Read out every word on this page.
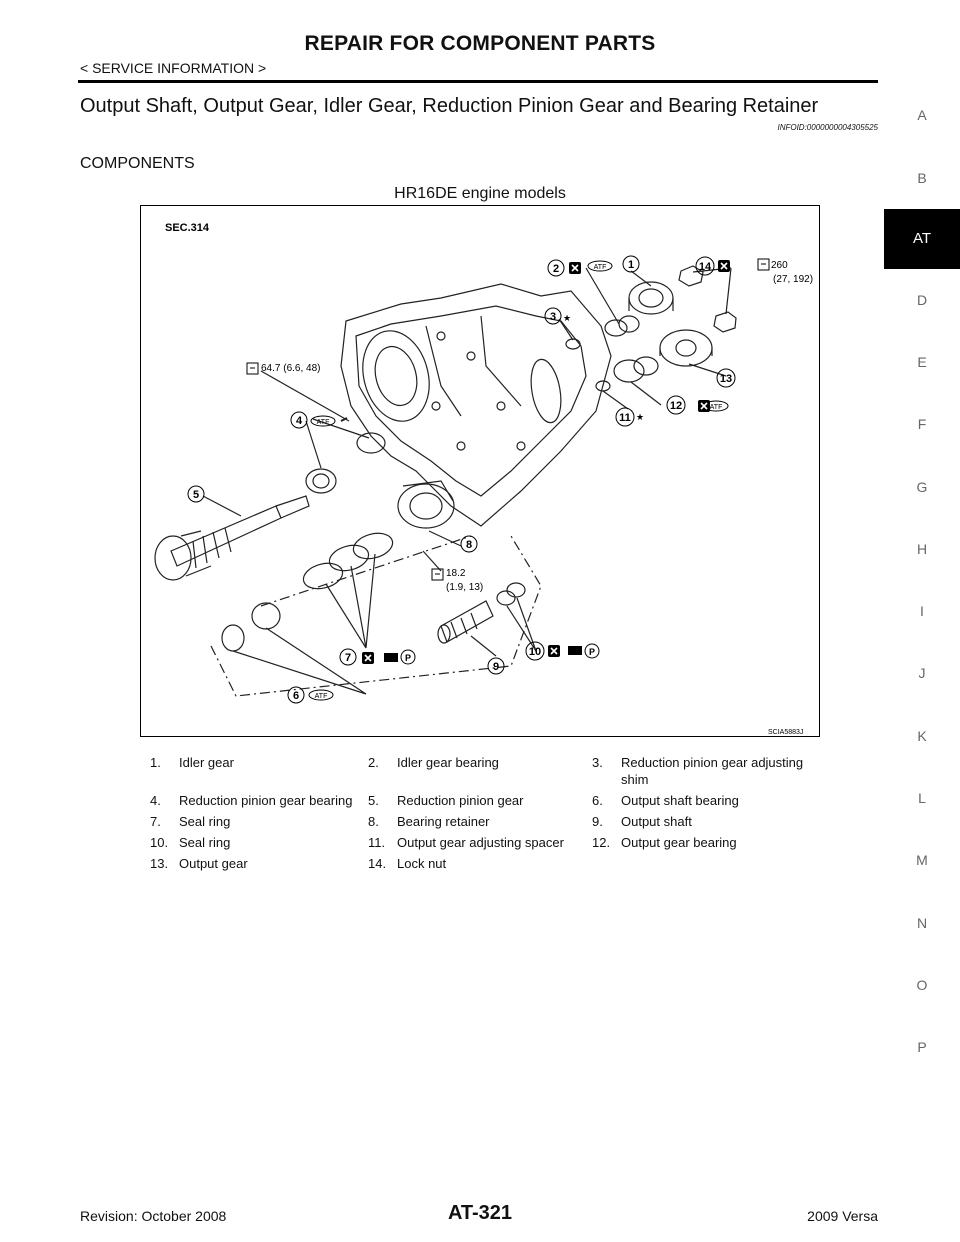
REPAIR FOR COMPONENT PARTS
< SERVICE INFORMATION >
Output Shaft, Output Gear, Idler Gear, Reduction Pinion Gear and Bearing Retainer
INFOID:0000000004305525
COMPONENTS
HR16DE engine models
SEC.314
260
(27, 192)
64.7 (6.6, 48)
18.2
(1.9, 13)
SCIA5883J
ATF
ATF
ATF
ATF
P
P
★
★
1
2
3
4
5
6
7
8
9
10
11
12
13
14
1. Idler gear	2. Idler gear bearing	3. Reduction pinion gear adjusting
shim
4. Reduction pinion gear bearing 5. Reduction pinion gear	6. Output shaft bearing
7. Seal ring	8. Bearing retainer	9. Output shaft
10. Seal ring	11. Output gear adjusting spacer 12. Output gear bearing
13. Output gear	14. Lock nut
A
B
AT
D
E
F
G
H
I
J
K
L
M
N
O
P
Revision: October 2008	AT-321	2009 Versa
